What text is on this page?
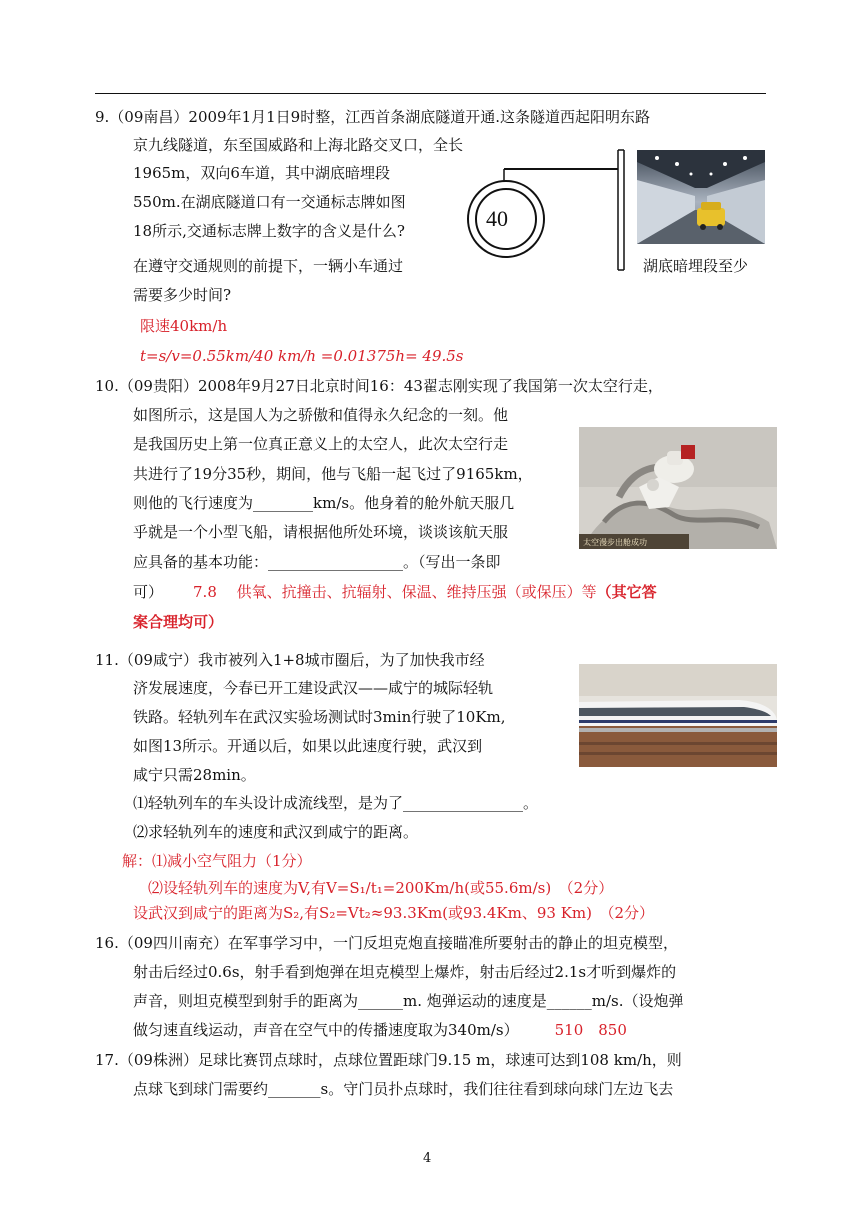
9.（09南昌）2009年1月1日9时整，江西首条湖底隧道开通.这条隧道西起阳明东路
京九线隧道，东至国威路和上海北路交叉口，全长
1965m，双向6车道，其中湖底暗埋段
550m.在湖底隧道口有一交通标志牌如图
18所示,交通标志牌上数字的含义是什么?
在遵守交通规则的前提下，一辆小车通过
需要多少时间?
限速40km/h
t=s/v=0.55km/40 km/h =0.01375h= 49.5s
40
湖底暗埋段至少
10.（09贵阳）2008年9月27日北京时间16：43翟志刚实现了我国第一次太空行走，
如图所示，这是国人为之骄傲和值得永久纪念的一刻。他
是我国历史上第一位真正意义上的太空人，此次太空行走
共进行了19分35秒，期间，他与飞船一起飞过了9165km，
则他的飞行速度为________km/s。他身着的舱外航天服几
乎就是一个小型飞船，请根据他所处环境，谈谈该航天服
应具备的基本功能：__________________。（写出一条即
可） 7.8　 供氧、抗撞击、抗辐射、保温、维持压强（或保压）等（其它答
案合理均可）
太空漫步出舱成功
11.（09咸宁）我市被列入1+8城市圈后，为了加快我市经
济发展速度，今春已开工建设武汉——咸宁的城际轻轨
铁路。轻轨列车在武汉实验场测试时3min行驶了10Km,
如图13所示。开通以后，如果以此速度行驶，武汉到
咸宁只需28min。
⑴轻轨列车的车头设计成流线型，是为了________________。
⑵求轻轨列车的速度和武汉到咸宁的距离。
解：⑴减小空气阻力（1分）
⑵设轻轨列车的速度为V,有V=S₁/t₁=200Km/h(或55.6m/s)　（2分）
设武汉到咸宁的距离为S₂,有S₂=Vt₂≈93.3Km(或93.4Km、93 Km)　（2分）
16.（09四川南充）在军事学习中，一门反坦克炮直接瞄准所要射击的静止的坦克模型，
射击后经过0.6s，射手看到炮弹在坦克模型上爆炸，射击后经过2.1s才听到爆炸的
声音，则坦克模型到射手的距离为______m. 炮弹运动的速度是______m/s.（设炮弹
做匀速直线运动，声音在空气中的传播速度取为340m/s） 510　850
17.（09株洲）足球比赛罚点球时，点球位置距球门9.15 m，球速可达到108 km/h，则
点球飞到球门需要约_______s。守门员扑点球时，我们往往看到球向球门左边飞去
4
